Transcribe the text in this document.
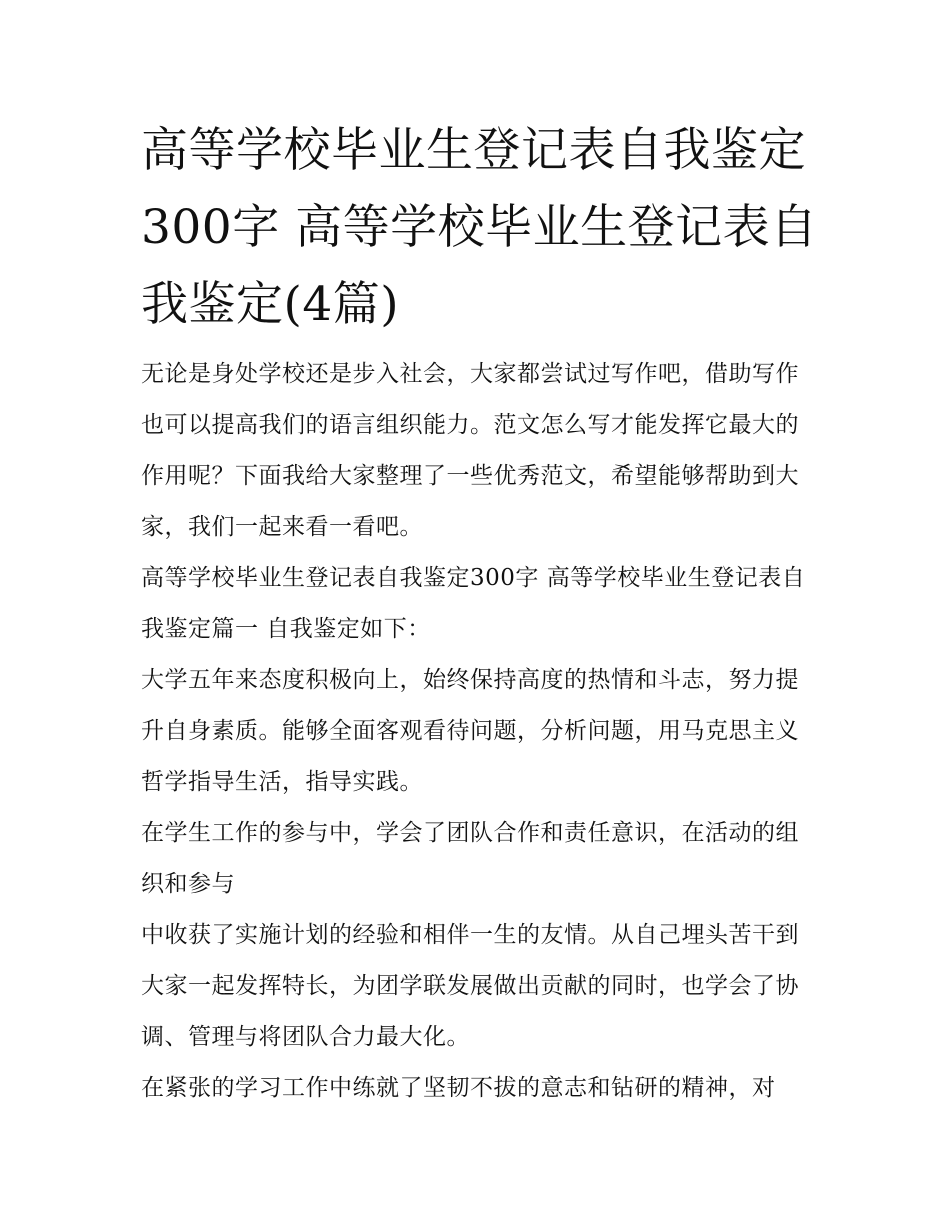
高等学校毕业生登记表自我鉴定300字 高等学校毕业生登记表自我鉴定(4篇)

无论是身处学校还是步入社会，大家都尝试过写作吧，借助写作也可以提高我们的语言组织能力。范文怎么写才能发挥它最大的作用呢？下面我给大家整理了一些优秀范文，希望能够帮助到大家，我们一起来看一看吧。

高等学校毕业生登记表自我鉴定300字 高等学校毕业生登记表自我鉴定篇一 自我鉴定如下：

大学五年来态度积极向上，始终保持高度的热情和斗志，努力提升自身素质。能够全面客观看待问题，分析问题，用马克思主义哲学指导生活，指导实践。

在学生工作的参与中，学会了团队合作和责任意识，在活动的组织和参与

中收获了实施计划的经验和相伴一生的友情。从自己埋头苦干到大家一起发挥特长，为团学联发展做出贡献的同时，也学会了协调、管理与将团队合力最大化。

在紧张的学习工作中练就了坚韧不拔的意志和钻研的精神，对
